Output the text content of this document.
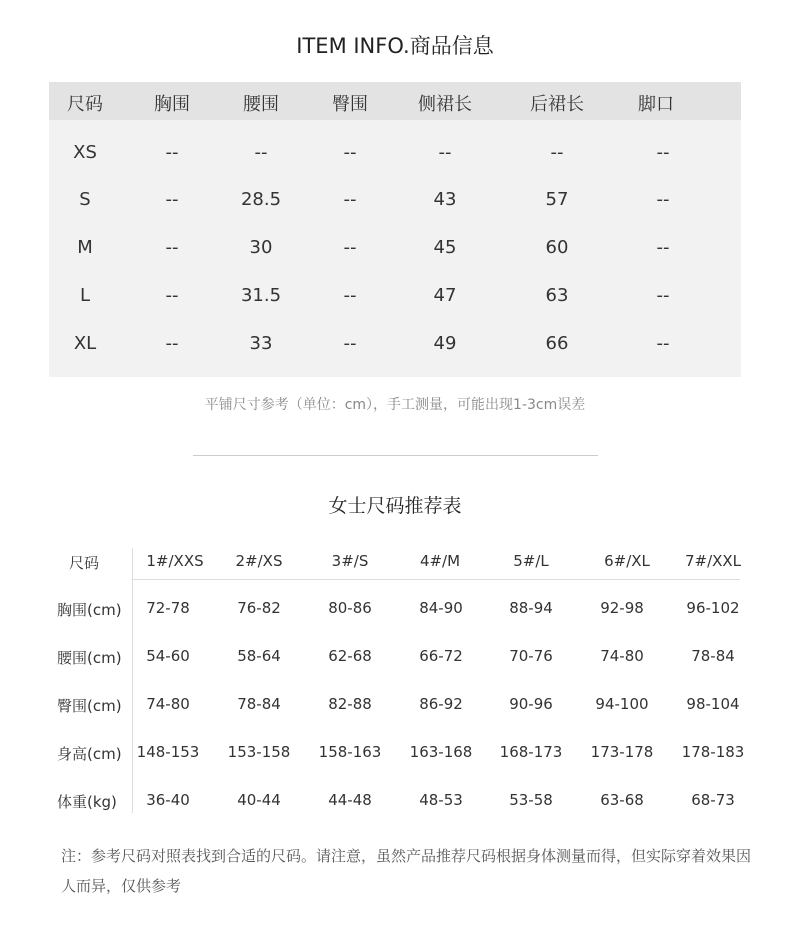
ITEM INFO.商品信息
尺码	胸围	腰围	臀围	侧裙长	后裙长	脚口
XS	--	--	--	--	--	--
S	--	28.5	--	43	57	--
M	--	30	--	45	60	--
L	--	31.5	--	47	63	--
XL	--	33	--	49	66	--
平铺尺寸参考（单位：cm），手工测量，可能出现1-3cm误差
女士尺码推荐表
尺码	1#/XXS 2#/XS	3#/S	4#/M	5#/L	6#/XL 7#/XXL
胸围(cm) 72-78	76-82	80-86	84-90	88-94	92-98	96-102
腰围(cm) 54-60	58-64	62-68	66-72	70-76	74-80	78-84
臀围(cm) 74-80	78-84	82-88	86-92	90-96	94-100	98-104
身高(cm) 148-153 153-158 158-163 163-168 168-173 173-178 178-183
体重(kg) 36-40	40-44	44-48	48-53	53-58	63-68	68-73
注：参考尺码对照表找到合适的尺码。请注意，虽然产品推荐尺码根据身体测量而得，但实际穿着效果因人而异，仅供参考
